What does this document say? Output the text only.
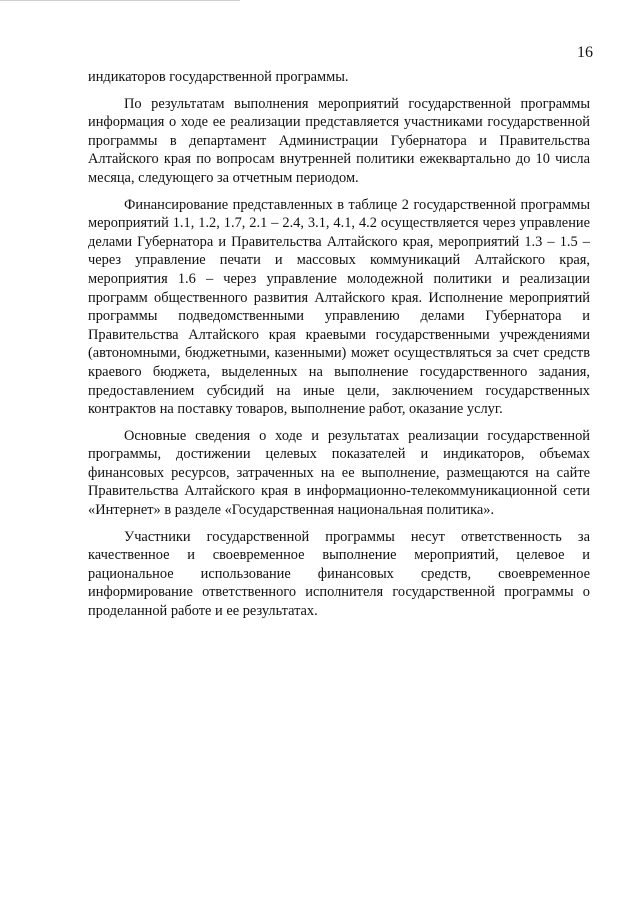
16

индикаторов государственной программы.

По результатам выполнения мероприятий государственной программы информация о ходе ее реализации представляется участниками государственной программы в департамент Администрации Губернатора и Правительства Алтайского края по вопросам внутренней политики ежеквартально до 10 числа месяца, следующего за отчетным периодом.

Финансирование представленных в таблице 2 государственной программы мероприятий 1.1, 1.2, 1.7, 2.1 – 2.4, 3.1, 4.1, 4.2 осуществляется через управление делами Губернатора и Правительства Алтайского края, мероприятий 1.3 – 1.5 – через управление печати и массовых коммуникаций Алтайского края, мероприятия 1.6 – через управление молодежной политики и реализации программ общественного развития Алтайского края. Исполнение мероприятий программы подведомственными управлению делами Губернатора и Правительства Алтайского края краевыми государственными учреждениями (автономными, бюджетными, казенными) может осуществляться за счет средств краевого бюджета, выделенных на выполнение государственного задания, предоставлением субсидий на иные цели, заключением государственных контрактов на поставку товаров, выполнение работ, оказание услуг.

Основные сведения о ходе и результатах реализации государственной программы, достижении целевых показателей и индикаторов, объемах финансовых ресурсов, затраченных на ее выполнение, размещаются на сайте Правительства Алтайского края в информационно-телекоммуникационной сети «Интернет» в разделе «Государственная национальная политика».

Участники государственной программы несут ответственность за качественное и своевременное выполнение мероприятий, целевое и рациональное использование финансовых средств, своевременное информирование ответственного исполнителя государственной программы о проделанной работе и ее результатах.
